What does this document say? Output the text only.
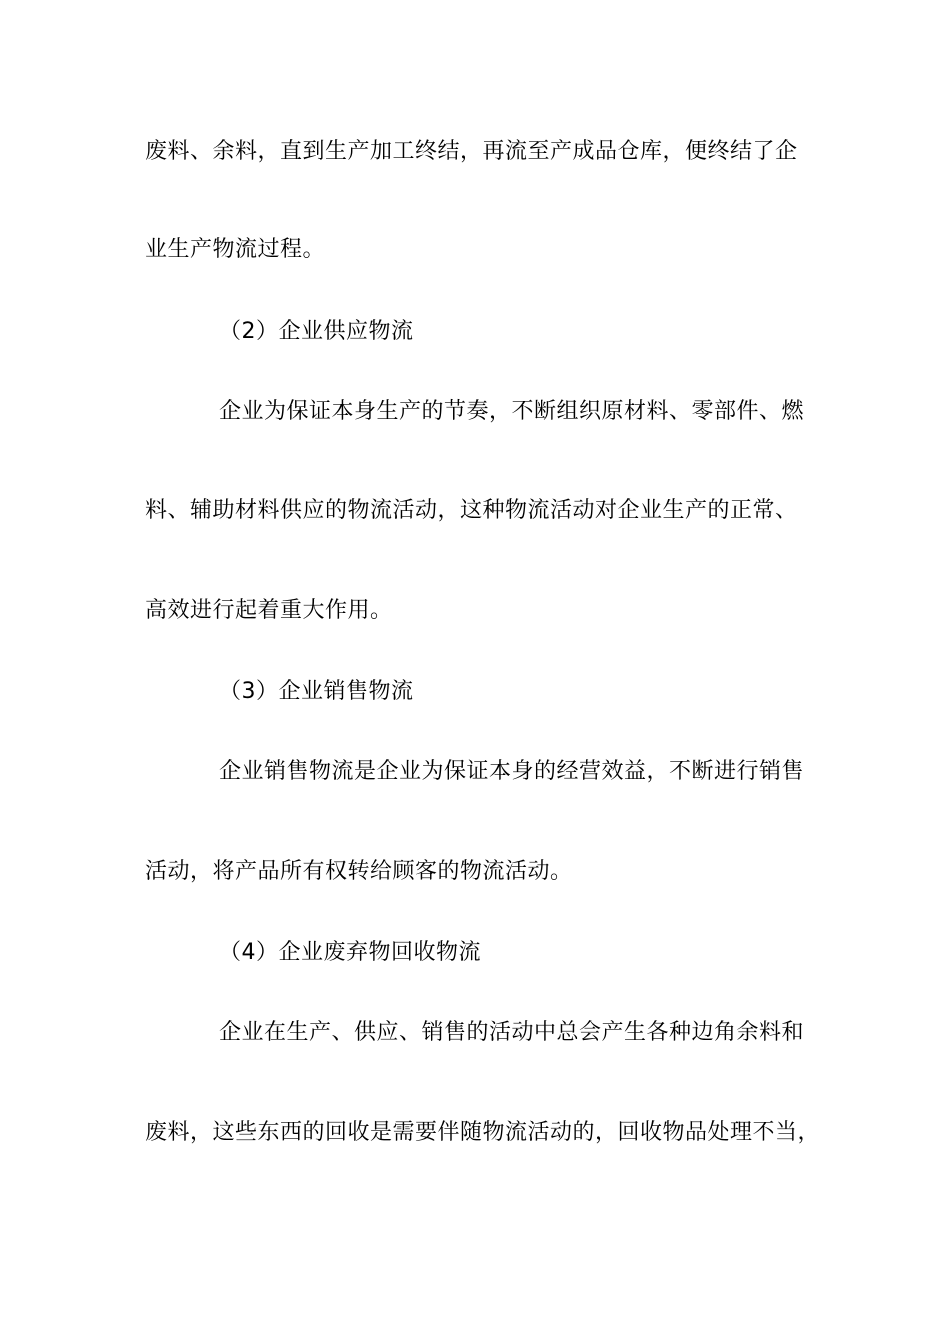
废料、余料，直到生产加工终结，再流至产成品仓库，便终结了企
业生产物流过程。
（2）企业供应物流
企业为保证本身生产的节奏，不断组织原材料、零部件、燃
料、辅助材料供应的物流活动，这种物流活动对企业生产的正常、
高效进行起着重大作用。
（3）企业销售物流
企业销售物流是企业为保证本身的经营效益，不断进行销售
活动，将产品所有权转给顾客的物流活动。
（4）企业废弃物回收物流
企业在生产、供应、销售的活动中总会产生各种边角余料和
废料，这些东西的回收是需要伴随物流活动的，回收物品处理不当，
